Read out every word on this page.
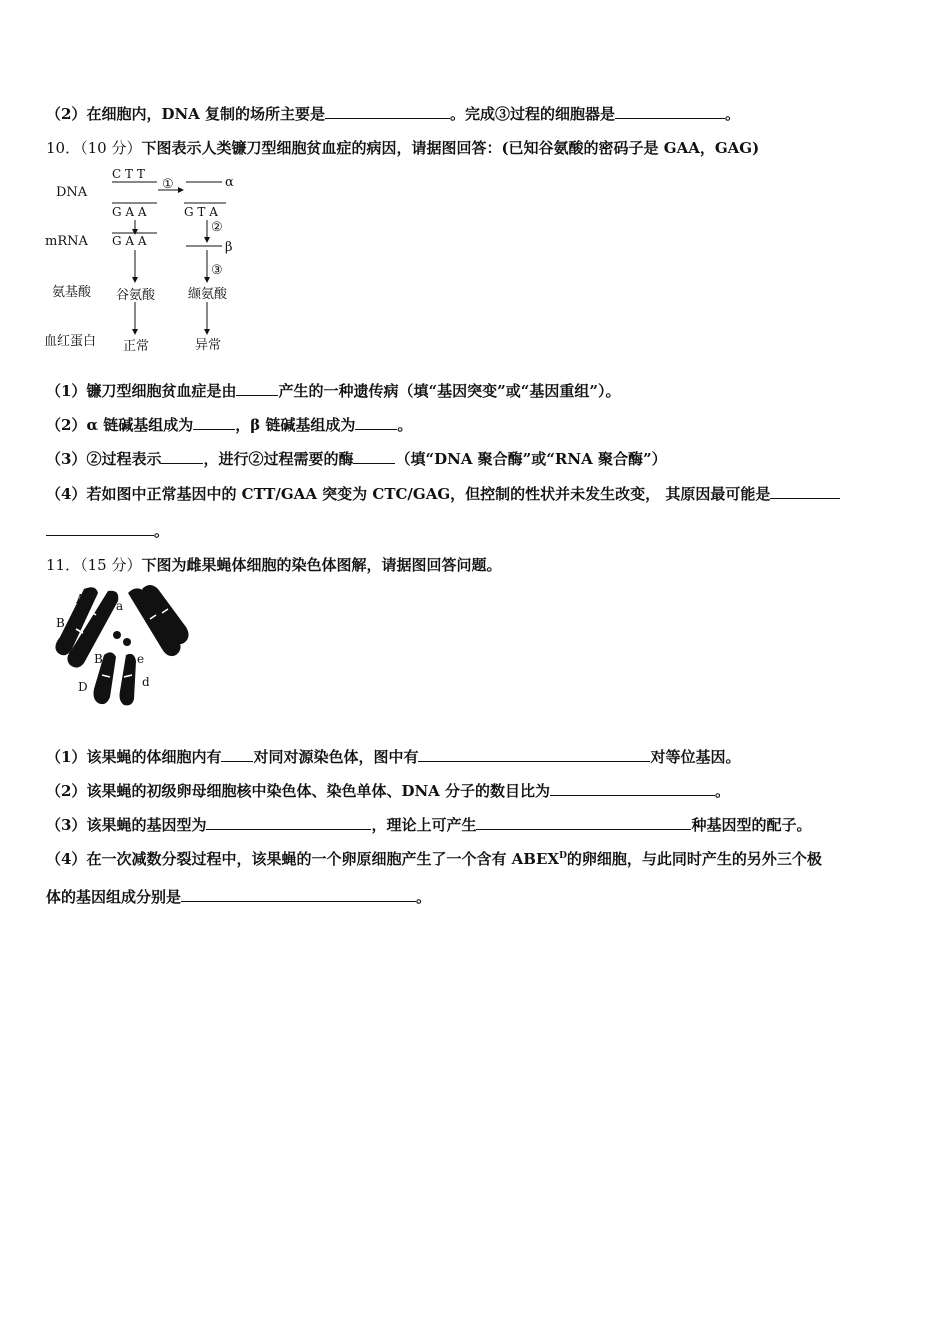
（2）在细胞内，DNA 复制的场所主要是	。完成③过程的细胞器是	。
10．（10 分）下图表示人类镰刀型细胞贫血症的病因，请据图回答：(已知谷氨酸的密码子是 GAA，GAG)
DNA
mRNA
氨基酸
血红蛋白
C T T
①	α
G A A	G T A
G A A
②
β
③
谷氨酸	缬氨酸
正常	异常
（1）镰刀型细胞贫血症是由	产生的一种遗传病（填“基因突变”或“基因重组”）。
（2）α 链碱基组成为	，β 链碱基组成为	。
（3）②过程表示	，进行②过程需要的酶	（填“DNA 聚合酶”或“RNA 聚合酶”）
（4）若如图中正常基因中的 CTT/GAA 突变为 CTC/GAG，但控制的性状并未发生改变， 其原因最可能是
。
11．（15 分）下图为雌果蝇体细胞的染色体图解，请据图回答问题。
A	a
B	E
B	e
D	d
（1）该果蝇的体细胞内有 对同对源染色体，图中有	对等位基因。
（2）该果蝇的初级卵母细胞核中染色体、染色单体、DNA 分子的数目比为	。
（3）该果蝇的基因型为	，理论上可产生	种基因型的配子。
（4）在一次减数分裂过程中，该果蝇的一个卵原细胞产生了一个含有 $ABEX^D$的卵细胞，与此同时产生的另外三个极
体的基因组成分别是	。
